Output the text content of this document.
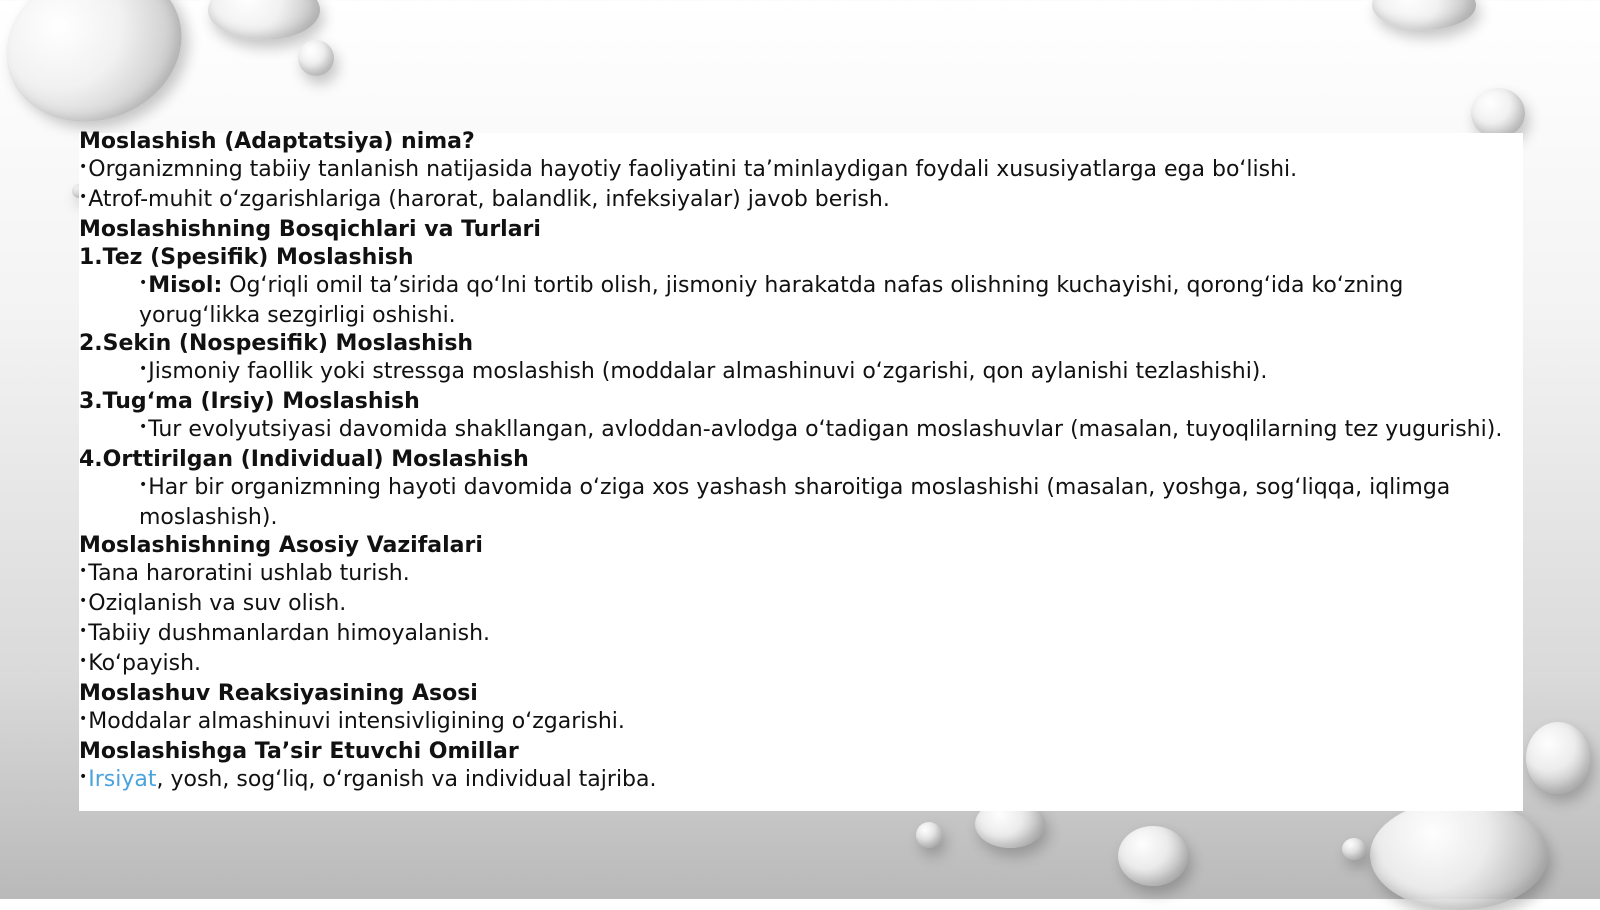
Moslashish (Adaptatsiya) nima?
• Organizmning tabiiy tanlanish natijasida hayotiy faoliyatini ta’minlaydigan foydali xususiyatlarga ega bo‘lishi.
• Atrof-muhit o‘zgarishlariga (harorat, balandlik, infeksiyalar) javob berish.
Moslashishning Bosqichlari va Turlari
1.Tez (Spesifik) Moslashish
• Misol: Og‘riqli omil ta’sirida qo‘lni tortib olish, jismoniy harakatda nafas olishning kuchayishi, qorong‘ida ko‘zning yorug‘likka sezgirligi oshishi.
2.Sekin (Nospesifik) Moslashish
• Jismoniy faollik yoki stressga moslashish (moddalar almashinuvi o‘zgarishi, qon aylanishi tezlashishi).
3.Tug‘ma (Irsiy) Moslashish
• Tur evolyutsiyasi davomida shakllangan, avloddan-avlodga o‘tadigan moslashuvlar (masalan, tuyoqlilarning tez yugurishi).
4.Orttirilgan (Individual) Moslashish
• Har bir organizmning hayoti davomida o‘ziga xos yashash sharoitiga moslashishi (masalan, yoshga, sog‘liqqa, iqlimga moslashish).
Moslashishning Asosiy Vazifalari
• Tana haroratini ushlab turish.
• Oziqlanish va suv olish.
• Tabiiy dushmanlardan himoyalanish.
• Ko‘payish.
Moslashuv Reaksiyasining Asosi
• Moddalar almashinuvi intensivligining o‘zgarishi.
Moslashishga Ta’sir Etuvchi Omillar
• Irsiyat, yosh, sog‘liq, o‘rganish va individual tajriba.
